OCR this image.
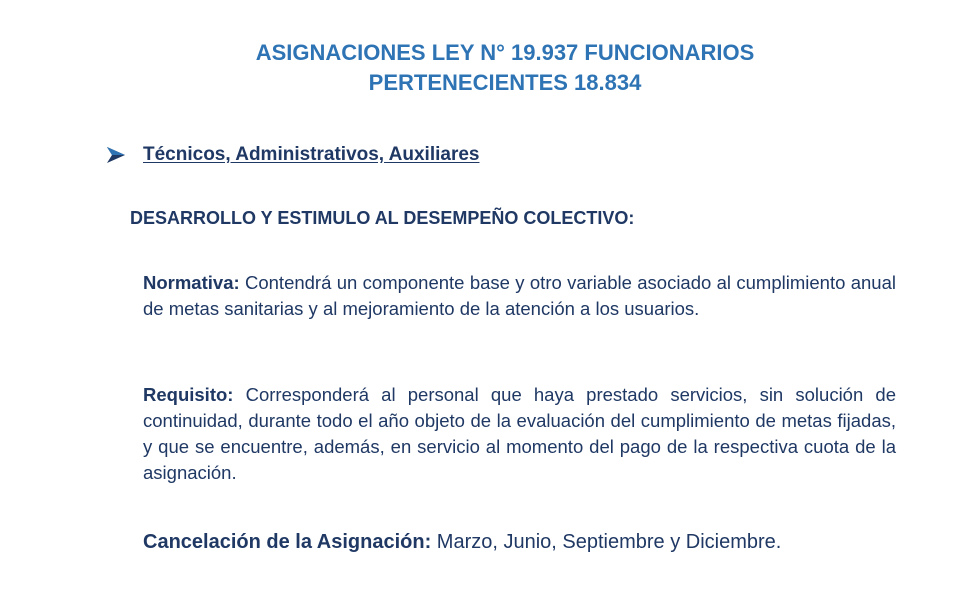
ASIGNACIONES LEY N° 19.937 FUNCIONARIOS
PERTENECIENTES 18.834
Técnicos, Administrativos, Auxiliares
DESARROLLO Y ESTIMULO AL DESEMPEÑO COLECTIVO:
Normativa: Contendrá un componente base y otro variable asociado al cumplimiento anual de metas sanitarias y al mejoramiento de la atención a los usuarios.
Requisito: Corresponderá al personal que haya prestado servicios, sin solución de continuidad, durante todo el año objeto de la evaluación del cumplimiento de metas fijadas, y que se encuentre, además, en servicio al momento del pago de la respectiva cuota de la asignación.
Cancelación de la Asignación: Marzo, Junio, Septiembre y Diciembre.
